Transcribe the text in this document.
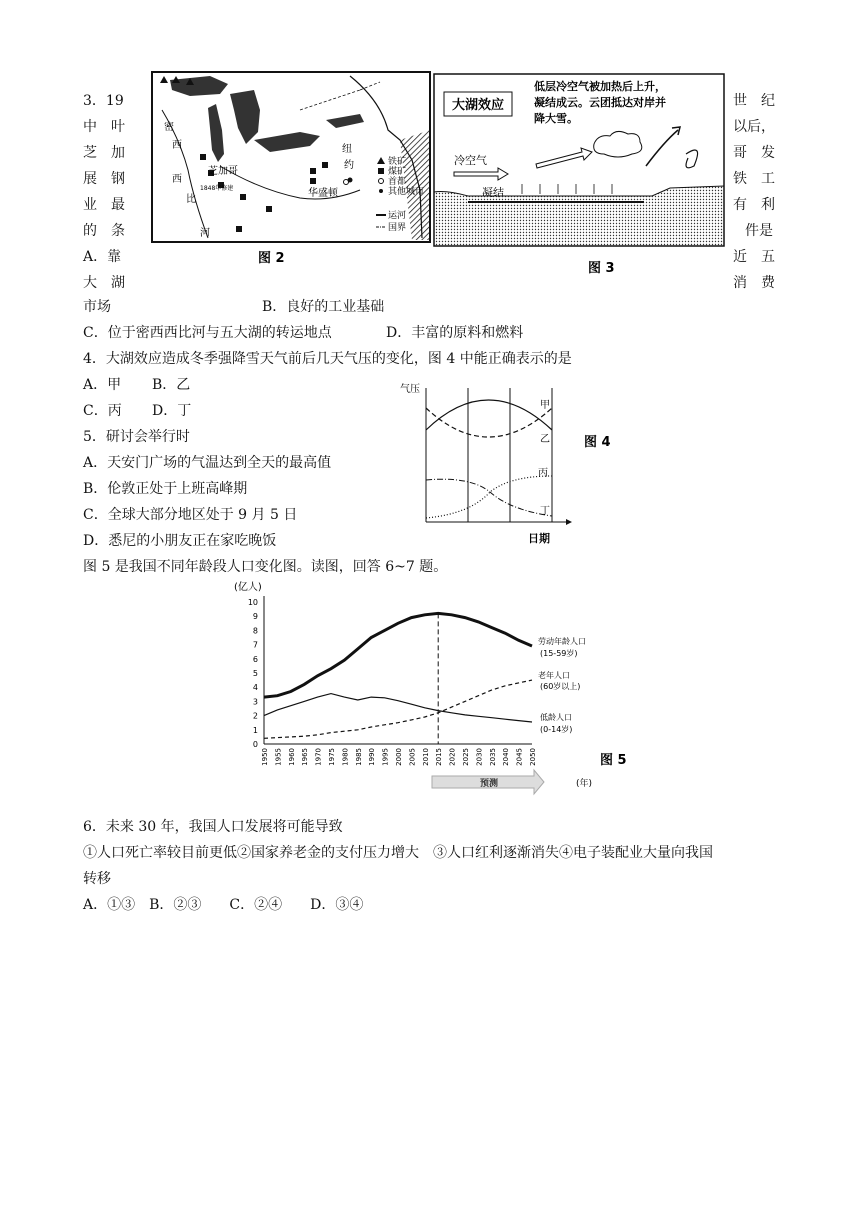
3．19
中　叶
芝　加
展　钢
业　最
的　条
A．靠
大　湖
世　纪
以后，
哥　发
铁　工
有　利
件是
近　五
消　费
密
西
西
比
河
芝加哥
1848年修建	华盛顿
纽
约	铁矿
煤矿
首都
其他城市
运河
国界
图 2
大湖效应
低层冷空气被加热后上升，
凝结成云。云团抵达对岸并
降大雪。
冷空气
凝结
图 3
市场	B．良好的工业基础
C．位于密西西比河与五大湖的转运地点	D．丰富的原料和燃料
4．大湖效应造成冬季强降雪天气前后几天气压的变化，图 4 中能正确表示的是
A．甲 B．乙
C．丙 D．丁
气压
甲
乙
丙
丁
图 4
日期
5．研讨会举行时
A．天安门广场的气温达到全天的最高值
B．伦敦正处于上班高峰期
C．全球大部分地区处于 9 月 5 日
D．悉尼的小朋友正在家吃晚饭
图 5 是我国不同年龄段人口变化图。读图，回答 6~7 题。
(亿人)
0
1
2
3
4
5
6
7
8
9
10
1950 1955 1960 1965 1970 1975 1980 1985 1990 1995 2000 2005 2010 2015 2020 2025 2030 2035 2040 2045 2050
劳动年龄人口
(15-59岁)
老年人口
(60岁以上)
低龄人口
(0-14岁)
(年)
预测
图 5
6．未来 30 年，我国人口发展将可能导致
①人口死亡率较目前更低②国家养老金的支付压力增大　③人口红利逐渐消失④电子装配业大量向我国
转移
A．①③　B．②③　　C．②④　　D．③④
